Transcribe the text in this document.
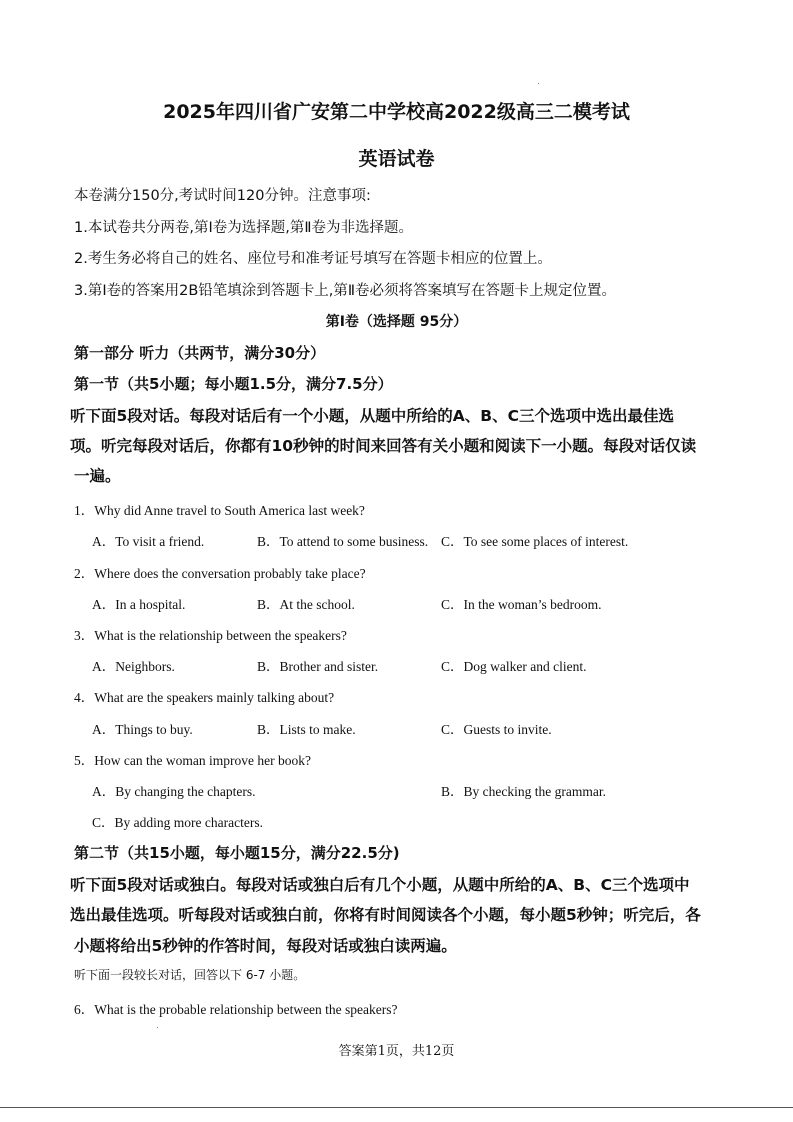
2025年四川省广安第二中学校高2022级高三二模考试
英语试卷
本卷满分150分,考试时间120分钟。注意事项:
1.本试卷共分两卷,第Ⅰ卷为选择题,第Ⅱ卷为非选择题。
2.考生务必将自己的姓名、座位号和准考证号填写在答题卡相应的位置上。
3.第Ⅰ卷的答案用2B铅笔填涂到答题卡上,第Ⅱ卷必须将答案填写在答题卡上规定位置。
第Ⅰ卷（选择题 95分）
第一部分 听力（共两节，满分30分）
第一节（共5小题；每小题1.5分，满分7.5分）
听下面5段对话。每段对话后有一个小题，从题中所给的A、B、C三个选项中选出最佳选
项。听完每段对话后，你都有10秒钟的时间来回答有关小题和阅读下一小题。每段对话仅读
一遍。
1．Why did Anne travel to South America last week?
A．To visit a friend.	B．To attend to some business. C．To see some places of interest.
2．Where does the conversation probably take place?
A．In a hospital.	B．At the school.	C．In the woman’s bedroom.
3．What is the relationship between the speakers?
A．Neighbors.	B．Brother and sister.	C．Dog walker and client.
4．What are the speakers mainly talking about?
A．Things to buy.	B．Lists to make.	C．Guests to invite.
5．How can the woman improve her book?
A．By changing the chapters.	B．By checking the grammar.
C．By adding more characters.
第二节（共15小题，每小题15分，满分22.5分)
听下面5段对话或独白。每段对话或独白后有几个小题，从题中所给的A、B、C三个选项中
选出最佳选项。听每段对话或独白前，你将有时间阅读各个小题，每小题5秒钟；听完后，各
小题将给出5秒钟的作答时间，每段对话或独白读两遍。
听下面一段较长对话，回答以下 6-7 小题。
6．What is the probable relationship between the speakers?
答案第1页，共12页
